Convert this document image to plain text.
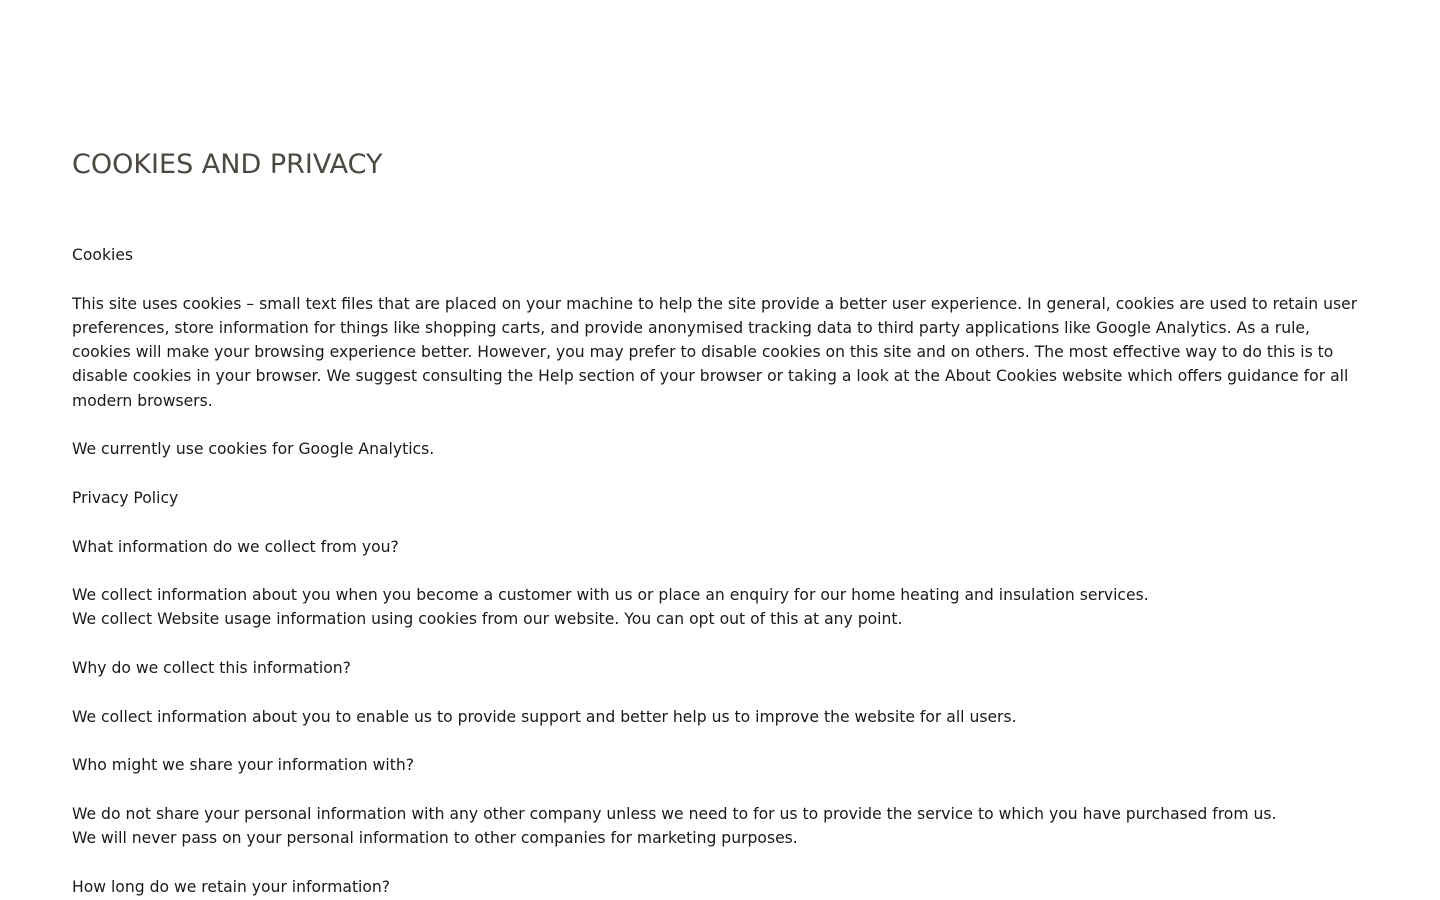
COOKIES AND PRIVACY

Cookies

This site uses cookies – small text files that are placed on your machine to help the site provide a better user experience. In general, cookies are used to retain user preferences, store information for things like shopping carts, and provide anonymised tracking data to third party applications like Google Analytics. As a rule, cookies will make your browsing experience better. However, you may prefer to disable cookies on this site and on others. The most effective way to do this is to disable cookies in your browser. We suggest consulting the Help section of your browser or taking a look at the About Cookies website which offers guidance for all modern browsers.

We currently use cookies for Google Analytics.

Privacy Policy

What information do we collect from you?

We collect information about you when you become a customer with us or place an enquiry for our home heating and insulation services.
We collect Website usage information using cookies from our website. You can opt out of this at any point.

Why do we collect this information?

We collect information about you to enable us to provide support and better help us to improve the website for all users.

Who might we share your information with?

We do not share your personal information with any other company unless we need to for us to provide the service to which you have purchased from us.
We will never pass on your personal information to other companies for marketing purposes.

How long do we retain your information?
